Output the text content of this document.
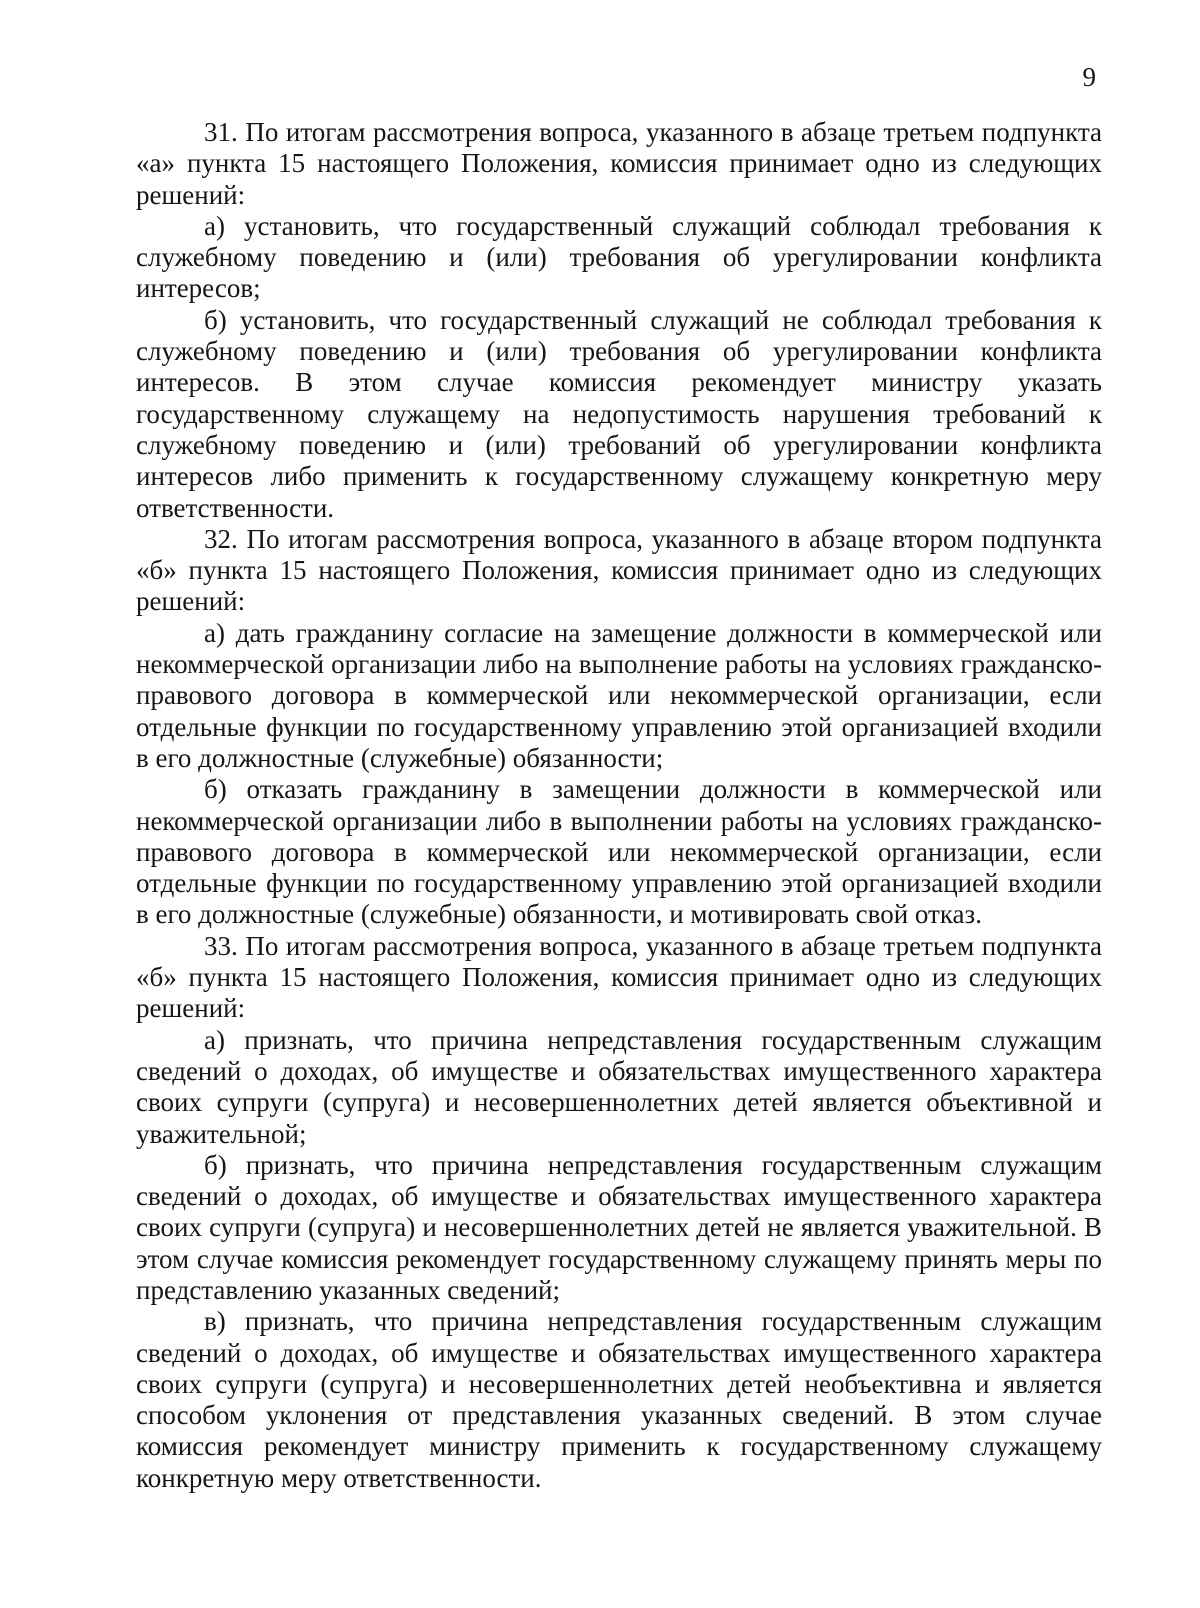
9

31. По итогам рассмотрения вопроса, указанного в абзаце третьем подпункта «а» пункта 15 настоящего Положения, комиссия принимает одно из следующих решений:

а) установить, что государственный служащий соблюдал требования к служебному поведению и (или) требования об урегулировании конфликта интересов;

б) установить, что государственный служащий не соблюдал требования к служебному поведению и (или) требования об урегулировании конфликта интересов. В этом случае комиссия рекомендует министру указать государственному служащему на недопустимость нарушения требований к служебному поведению и (или) требований об урегулировании конфликта интересов либо применить к государственному служащему конкретную меру ответственности.

32. По итогам рассмотрения вопроса, указанного в абзаце втором подпункта «б» пункта 15 настоящего Положения, комиссия принимает одно из следующих решений:

а) дать гражданину согласие на замещение должности в коммерческой или некоммерческой организации либо на выполнение работы на условиях гражданско-правового договора в коммерческой или некоммерческой организации, если отдельные функции по государственному управлению этой организацией входили в его должностные (служебные) обязанности;

б) отказать гражданину в замещении должности в коммерческой или некоммерческой организации либо в выполнении работы на условиях гражданско-правового договора в коммерческой или некоммерческой организации, если отдельные функции по государственному управлению этой организацией входили в его должностные (служебные) обязанности, и мотивировать свой отказ.

33. По итогам рассмотрения вопроса, указанного в абзаце третьем подпункта «б» пункта 15 настоящего Положения, комиссия принимает одно из следующих решений:

а) признать, что причина непредставления государственным служащим сведений о доходах, об имуществе и обязательствах имущественного характера своих супруги (супруга) и несовершеннолетних детей является объективной и уважительной;

б) признать, что причина непредставления государственным служащим сведений о доходах, об имуществе и обязательствах имущественного характера своих супруги (супруга) и несовершеннолетних детей не является уважительной. В этом случае комиссия рекомендует государственному служащему принять меры по представлению указанных сведений;

в) признать, что причина непредставления государственным служащим сведений о доходах, об имуществе и обязательствах имущественного характера своих супруги (супруга) и несовершеннолетних детей необъективна и является способом уклонения от представления указанных сведений. В этом случае комиссия рекомендует министру применить к государственному служащему конкретную меру ответственности.
